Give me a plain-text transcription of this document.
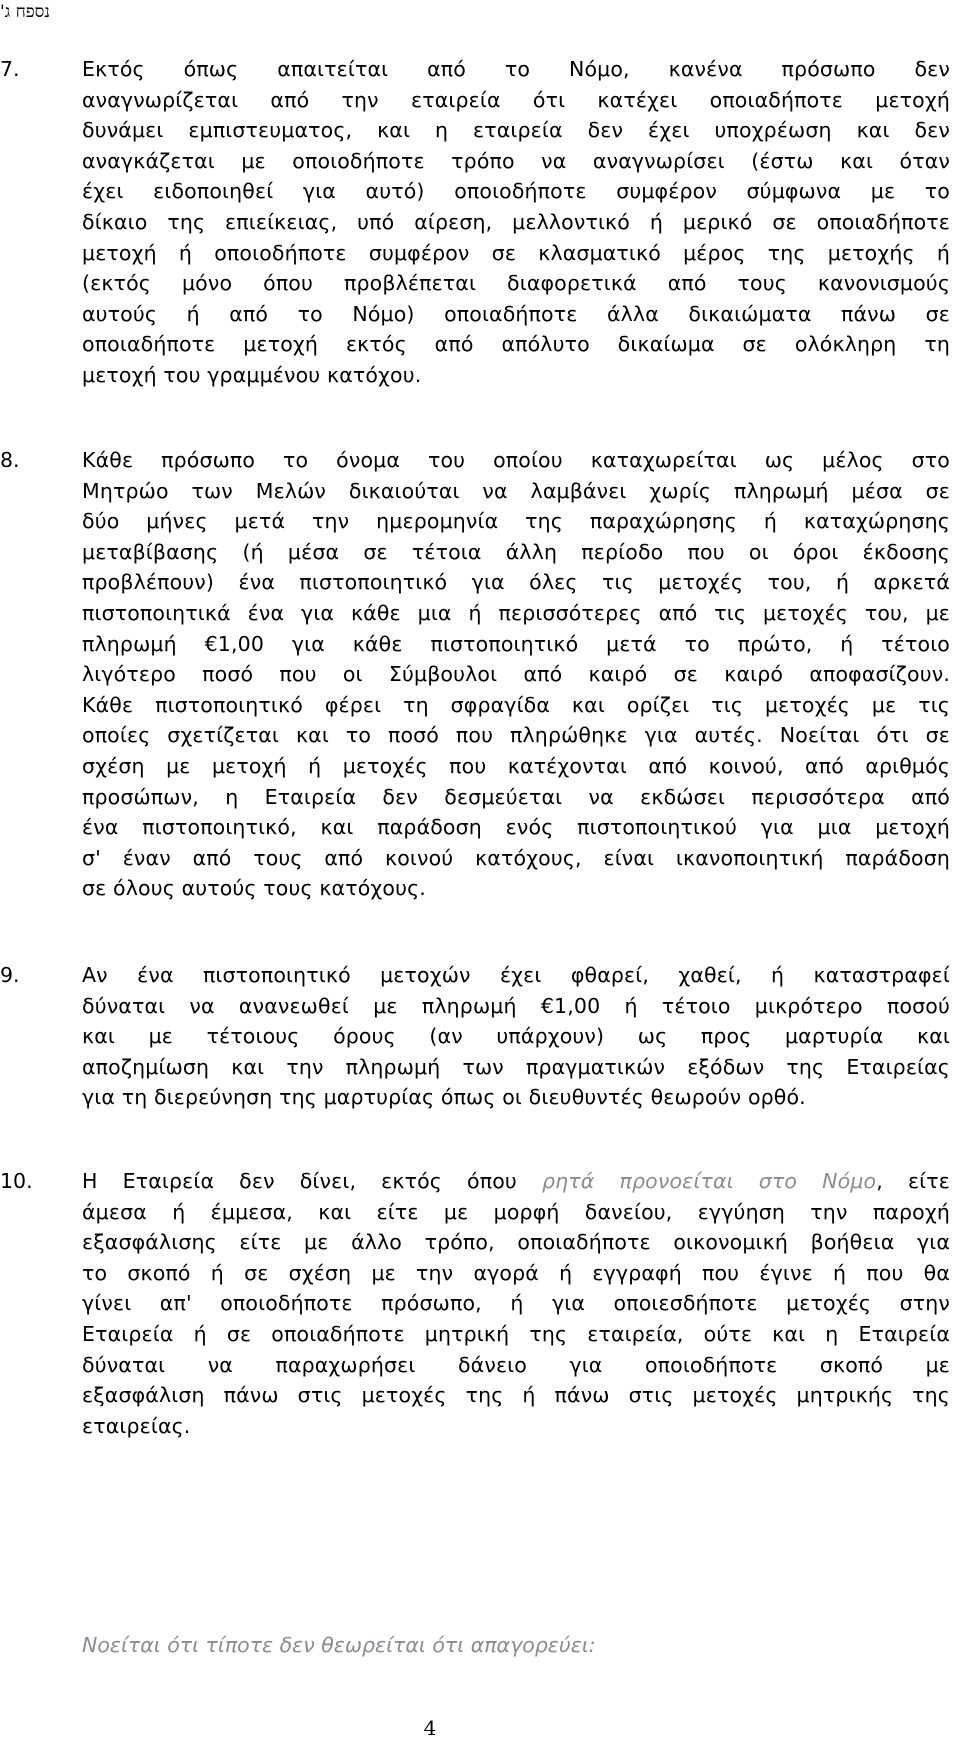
נספח ג'
7.	Εκτός όπως απαιτείται από το Νόμο, κανένα πρόσωπο δεν
αναγνωρίζεται από την εταιρεία ότι κατέχει οποιαδήποτε μετοχή
δυνάμει εμπιστευματος, και η εταιρεία δεν έχει υποχρέωση και δεν
αναγκάζεται με οποιοδήποτε τρόπο να αναγνωρίσει (έστω και όταν
έχει ειδοποιηθεί για αυτό) οποιοδήποτε συμφέρον σύμφωνα με το
δίκαιο της επιείκειας, υπό αίρεση, μελλοντικό ή μερικό σε οποιαδήποτε
μετοχή ή οποιοδήποτε συμφέρον σε κλασματικό μέρος της μετοχής ή
(εκτός μόνο όπου προβλέπεται διαφορετικά από τους κανονισμούς
αυτούς ή από το Νόμο) οποιαδήποτε άλλα δικαιώματα πάνω σε
οποιαδήποτε μετοχή εκτός από απόλυτο δικαίωμα σε ολόκληρη τη
μετοχή του γραμμένου κατόχου.
8.	Κάθε πρόσωπο το όνομα του οποίου καταχωρείται ως μέλος στο
Μητρώο των Μελών δικαιούται να λαμβάνει χωρίς πληρωμή μέσα σε
δύο μήνες μετά την ημερομηνία της παραχώρησης ή καταχώρησης
μεταβίβασης (ή μέσα σε τέτοια άλλη περίοδο που οι όροι έκδοσης
προβλέπουν) ένα πιστοποιητικό για όλες τις μετοχές του, ή αρκετά
πιστοποιητικά ένα για κάθε μια ή περισσότερες από τις μετοχές του, με
πληρωμή €1,00 για κάθε πιστοποιητικό μετά το πρώτο, ή τέτοιο
λιγότερο ποσό που οι Σύμβουλοι από καιρό σε καιρό αποφασίζουν.
Κάθε πιστοποιητικό φέρει τη σφραγίδα και ορίζει τις μετοχές με τις
οποίες σχετίζεται και το ποσό που πληρώθηκε για αυτές. Νοείται ότι σε
σχέση με μετοχή ή μετοχές που κατέχονται από κοινού, από αριθμός
προσώπων, η Εταιρεία δεν δεσμεύεται να εκδώσει περισσότερα από
ένα πιστοποιητικό, και παράδοση ενός πιστοποιητικού για μια μετοχή
σ' έναν από τους από κοινού κατόχους, είναι ικανοποιητική παράδοση
σε όλους αυτούς τους κατόχους.
9.	Αν ένα πιστοποιητικό μετοχών έχει φθαρεί, χαθεί, ή καταστραφεί
δύναται να ανανεωθεί με πληρωμή €1,00 ή τέτοιο μικρότερο ποσού
και με τέτοιους όρους (αν υπάρχουν) ως προς μαρτυρία και
αποζημίωση και την πληρωμή των πραγματικών εξόδων της Εταιρείας
για τη διερεύνηση της μαρτυρίας όπως οι διευθυντές θεωρούν ορθό.
10. Η Εταιρεία δεν δίνει, εκτός όπου ρητά προνοείται στο Νόμο, είτε
άμεσα ή έμμεσα, και είτε με μορφή δανείου, εγγύηση την παροχή
εξασφάλισης είτε με άλλο τρόπο, οποιαδήποτε οικονομική βοήθεια για
το σκοπό ή σε σχέση με την αγορά ή εγγραφή που έγινε ή που θα
γίνει απ' οποιοδήποτε πρόσωπο, ή για οποιεσδήποτε μετοχές στην
Εταιρεία ή σε οποιαδήποτε μητρική της εταιρεία, ούτε και η Εταιρεία
δύναται να παραχωρήσει δάνειο για οποιοδήποτε σκοπό με
εξασφάλιση πάνω στις μετοχές της ή πάνω στις μετοχές μητρικής της
εταιρείας.
Νοείται ότι τίποτε δεν θεωρείται ότι απαγορεύει:
4
